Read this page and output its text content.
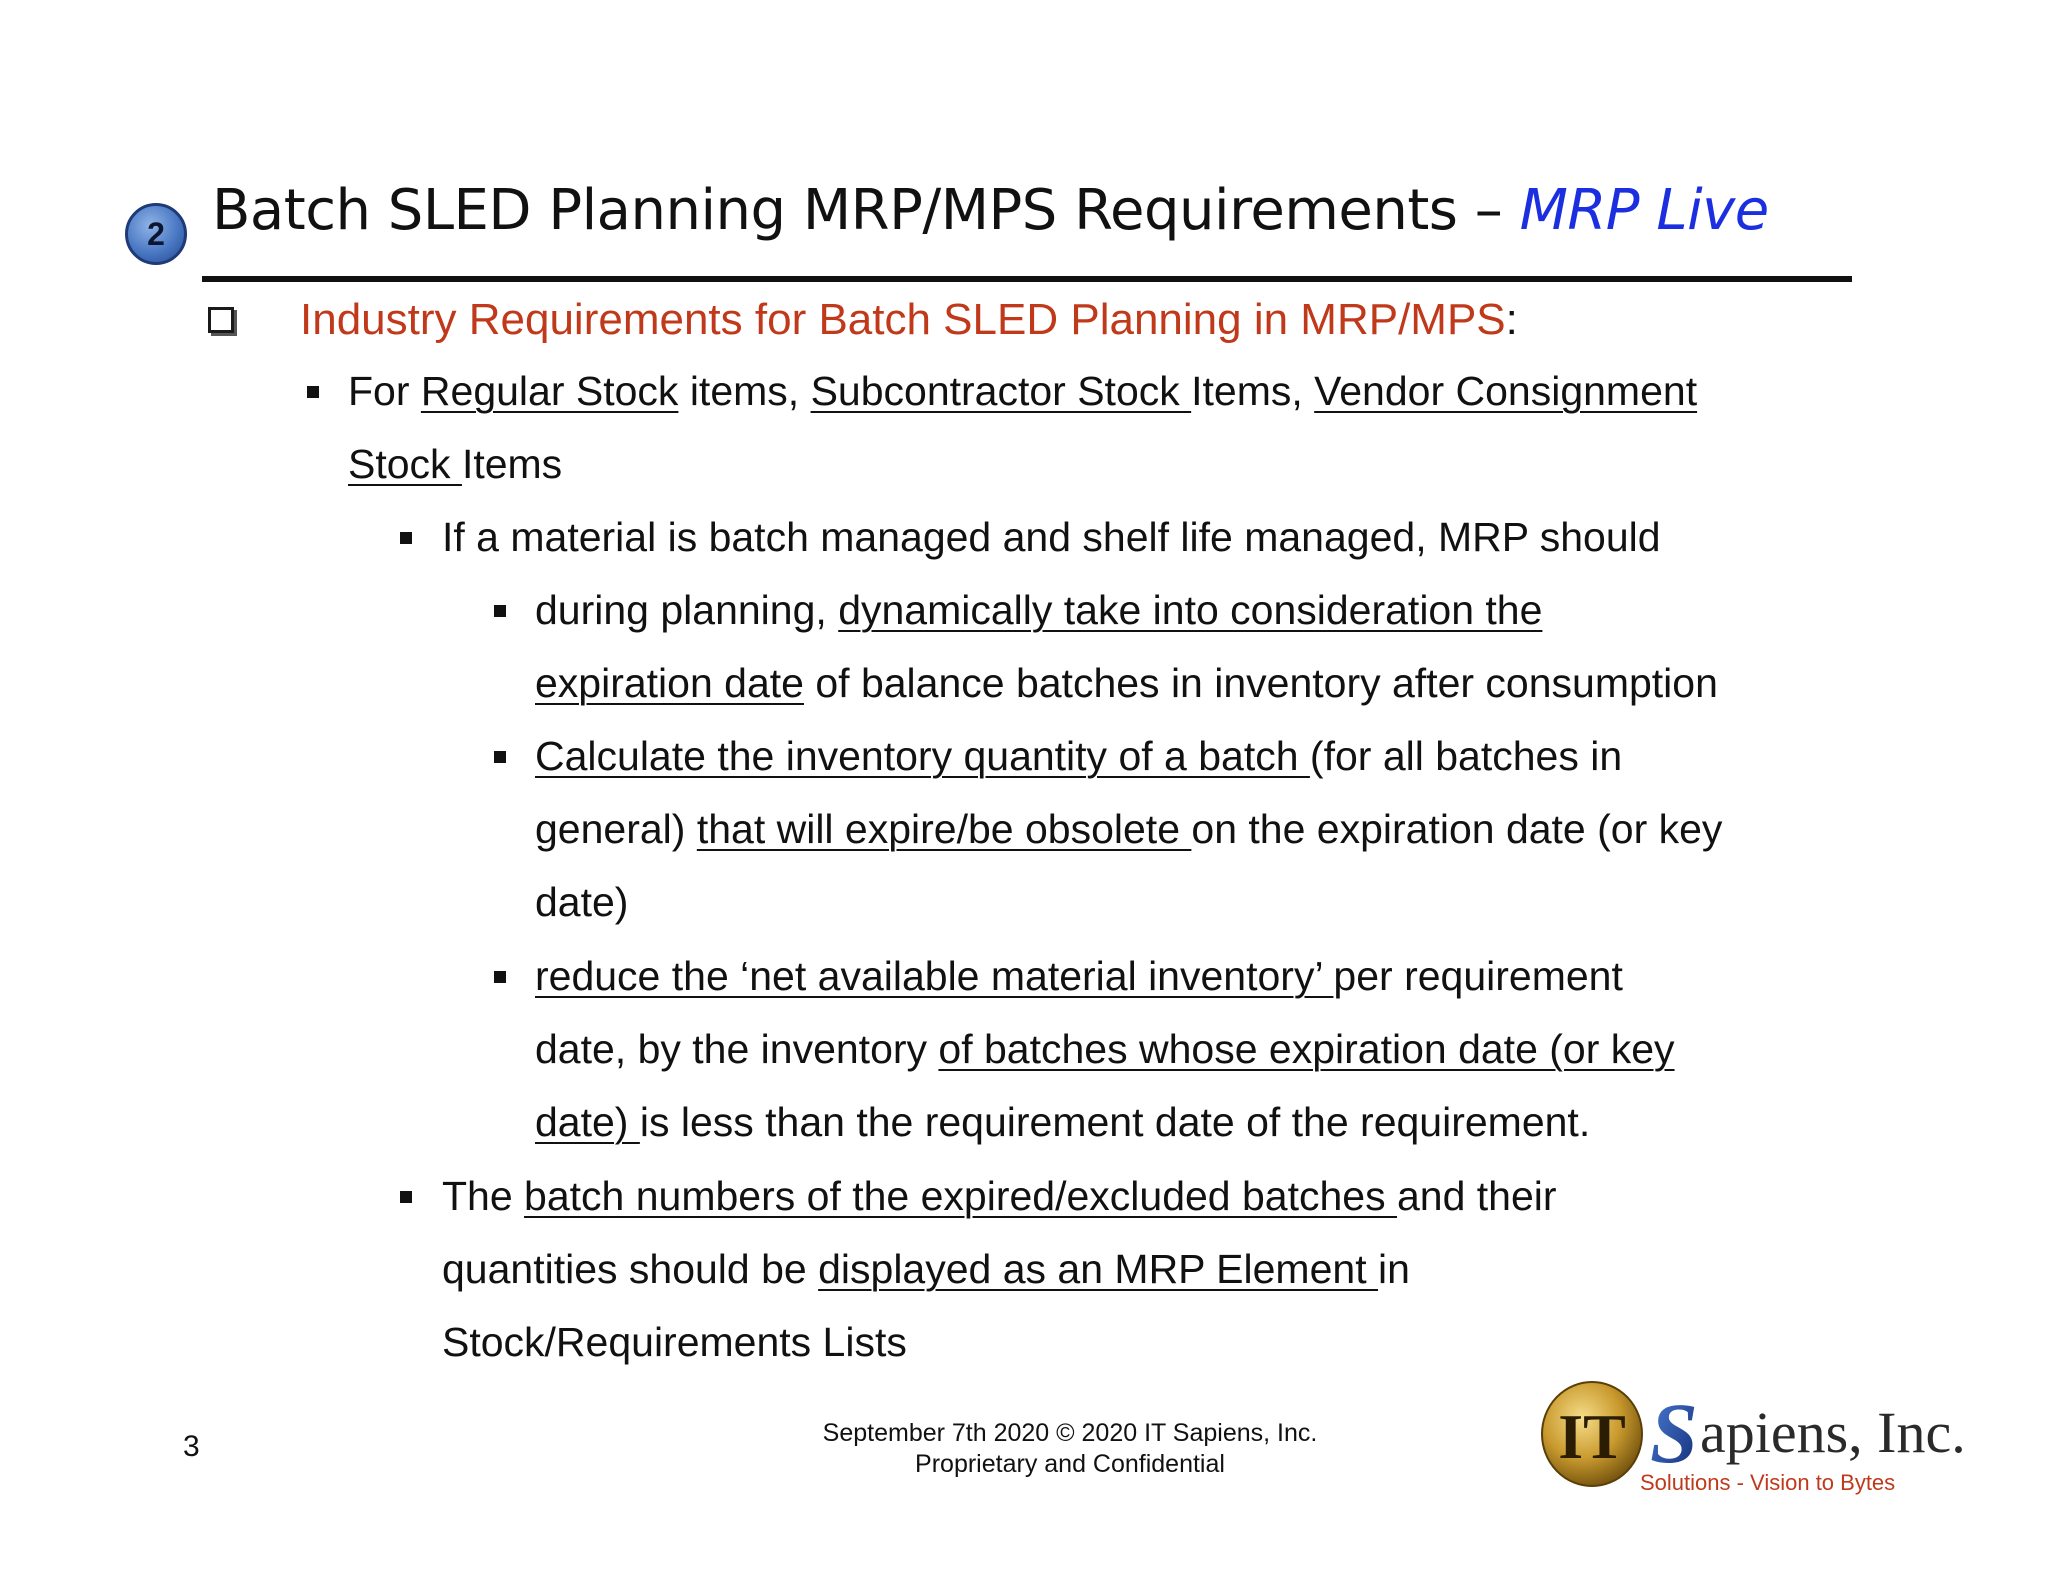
2 Batch SLED Planning MRP/MPS Requirements – MRP Live
Industry Requirements for Batch SLED Planning in MRP/MPS :
For Regular Stock items, Subcontractor Stock Items, Vendor Consignment
Stock Items
If a material is batch managed and shelf life managed, MRP should
during planning, dynamically take into consideration the
expiration date of balance batches in inventory after consumption
Calculate the inventory quantity of a batch (for all batches in
general) that will expire/be obsolete on the expiration date (or key
date)
reduce the ‘net available material inventory’ per requirement
date, by the inventory of batches whose expiration date (or key
date) is less than the requirement date of the requirement.
The batch numbers of the expired/excluded batches and their
quantities should be displayed as an MRP Element in
Stock/Requirements Lists
3	September 7th 2020 © 2020 IT Sapiens, Inc.
Proprietary and Confidential	IT S apiens, Inc.
Solutions - Vision to Bytes
